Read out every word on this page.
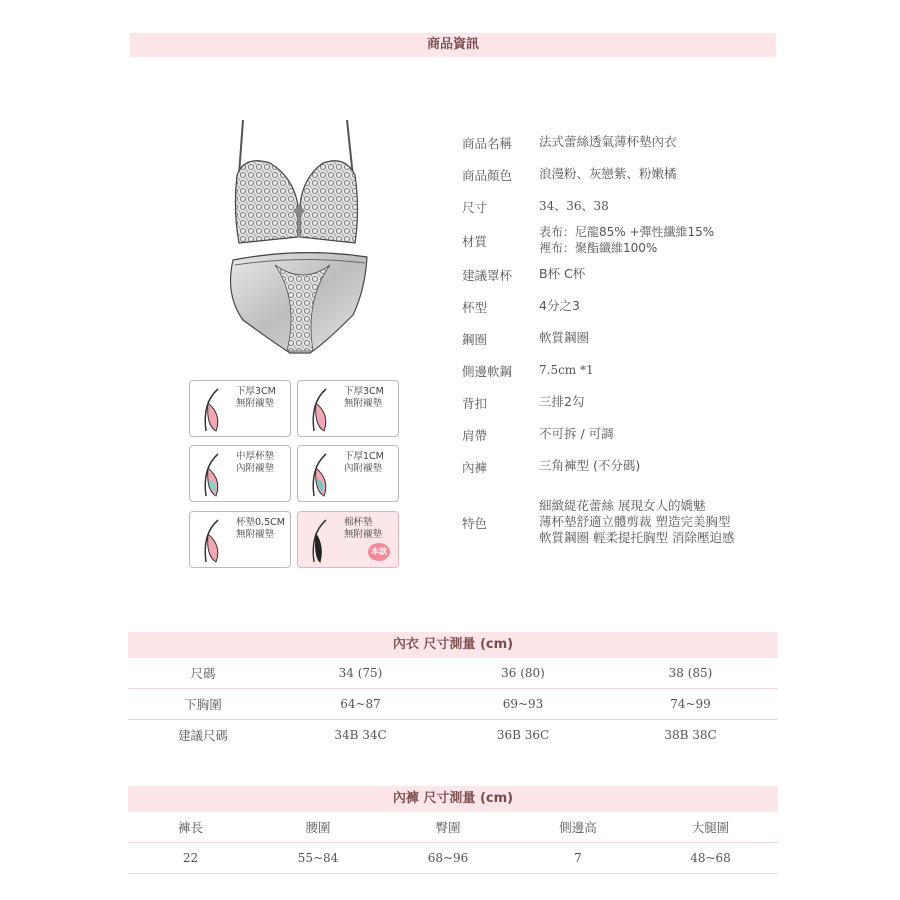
商品資訊
下厚3CM
無附襯墊
下厚3CM
無附襯墊
中厚杯墊
內附襯墊
下厚1CM
內附襯墊
杯墊0.5CM
無附襯墊
棉杯墊
無附襯墊
本款
商品名稱 法式蕾絲透氣薄杯墊內衣
商品顏色 浪漫粉、灰戀紫、粉嫩橘
尺寸	34、36、38
材質
表布：尼龍85% +彈性纖維15%
裡布：聚酯纖維100%
建議罩杯 B杯 C杯
杯型	4分之3
鋼圈	軟質鋼圈
側邊軟鋼 7.5cm *1
背扣	三排2勾
肩帶	不可拆 / 可調
內褲	三角褲型 (不分碼)
特色
細緻緹花蕾絲 展現女人的嬌魅
薄杯墊舒適立體剪裁 塑造完美胸型
軟質鋼圈 輕柔提托胸型 消除壓迫感
內衣 尺寸測量 (cm)
尺碼	34 (75)	36 (80)	38 (85)
下胸圍	64~87	69~93	74~99
建議尺碼	34B 34C	36B 36C	38B 38C
內褲 尺寸測量 (cm)
褲長	腰圍	臀圍	側邊高	大腿圍
22	55~84	68~96	7	48~68
